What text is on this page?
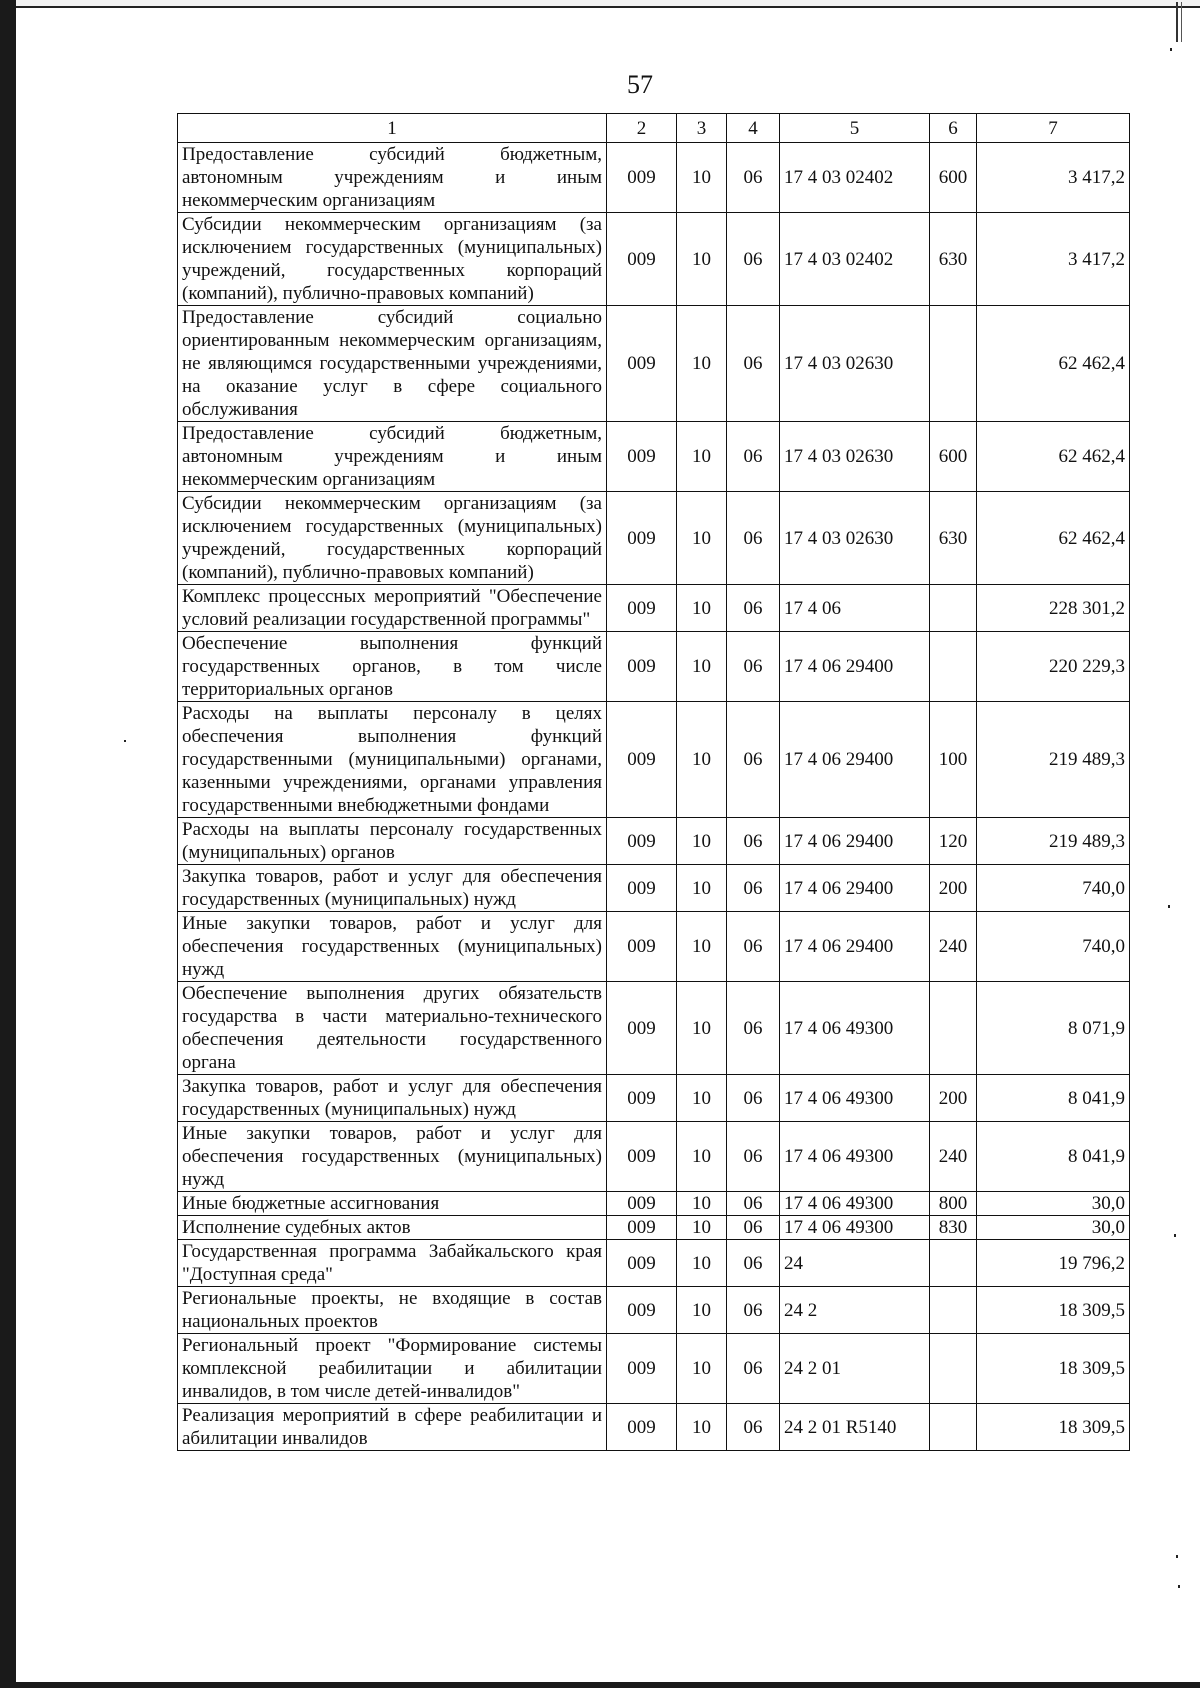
57
1	2	3	4	5	6	7
Предоставление субсидий бюджетным, автономным учреждениям и иным некоммерческим организациям	009	10	06	17 4 03 02402	600	3 417,2
Субсидии некоммерческим организациям (за исключением государственных (муниципальных) учреждений, государственных корпораций (компаний), публично-правовых компаний)	009	10	06	17 4 03 02402	630	3 417,2
Предоставление субсидий социально ориентированным некоммерческим организациям, не являющимся государственными учреждениями, на оказание услуг в сфере социального обслуживания	009	10	06	17 4 03 02630		62 462,4
Предоставление субсидий бюджетным, автономным учреждениям и иным некоммерческим организациям	009	10	06	17 4 03 02630	600	62 462,4
Субсидии некоммерческим организациям (за исключением государственных (муниципальных) учреждений, государственных корпораций (компаний), публично-правовых компаний)	009	10	06	17 4 03 02630	630	62 462,4
Комплекс процессных мероприятий "Обеспечение условий реализации государственной программы"	009	10	06	17 4 06		228 301,2
Обеспечение выполнения функций государственных органов, в том числе территориальных органов	009	10	06	17 4 06 29400		220 229,3
Расходы на выплаты персоналу в целях обеспечения выполнения функций государственными (муниципальными) органами, казенными учреждениями, органами управления государственными внебюджетными фондами	009	10	06	17 4 06 29400	100	219 489,3
Расходы на выплаты персоналу государственных (муниципальных) органов	009	10	06	17 4 06 29400	120	219 489,3
Закупка товаров, работ и услуг для обеспечения государственных (муниципальных) нужд	009	10	06	17 4 06 29400	200	740,0
Иные закупки товаров, работ и услуг для обеспечения государственных (муниципальных) нужд	009	10	06	17 4 06 29400	240	740,0
Обеспечение выполнения других обязательств государства в части материально-технического обеспечения деятельности государственного органа	009	10	06	17 4 06 49300		8 071,9
Закупка товаров, работ и услуг для обеспечения государственных (муниципальных) нужд	009	10	06	17 4 06 49300	200	8 041,9
Иные закупки товаров, работ и услуг для обеспечения государственных (муниципальных) нужд	009	10	06	17 4 06 49300	240	8 041,9
Иные бюджетные ассигнования	009	10	06	17 4 06 49300	800	30,0
Исполнение судебных актов	009	10	06	17 4 06 49300	830	30,0
Государственная программа Забайкальского края "Доступная среда"	009	10	06	24		19 796,2
Региональные проекты, не входящие в состав национальных проектов	009	10	06	24 2		18 309,5
Региональный проект "Формирование системы комплексной реабилитации и абилитации инвалидов, в том числе детей-инвалидов"	009	10	06	24 2 01		18 309,5
Реализация мероприятий в сфере реабилитации и абилитации инвалидов	009	10	06	24 2 01 R5140		18 309,5
